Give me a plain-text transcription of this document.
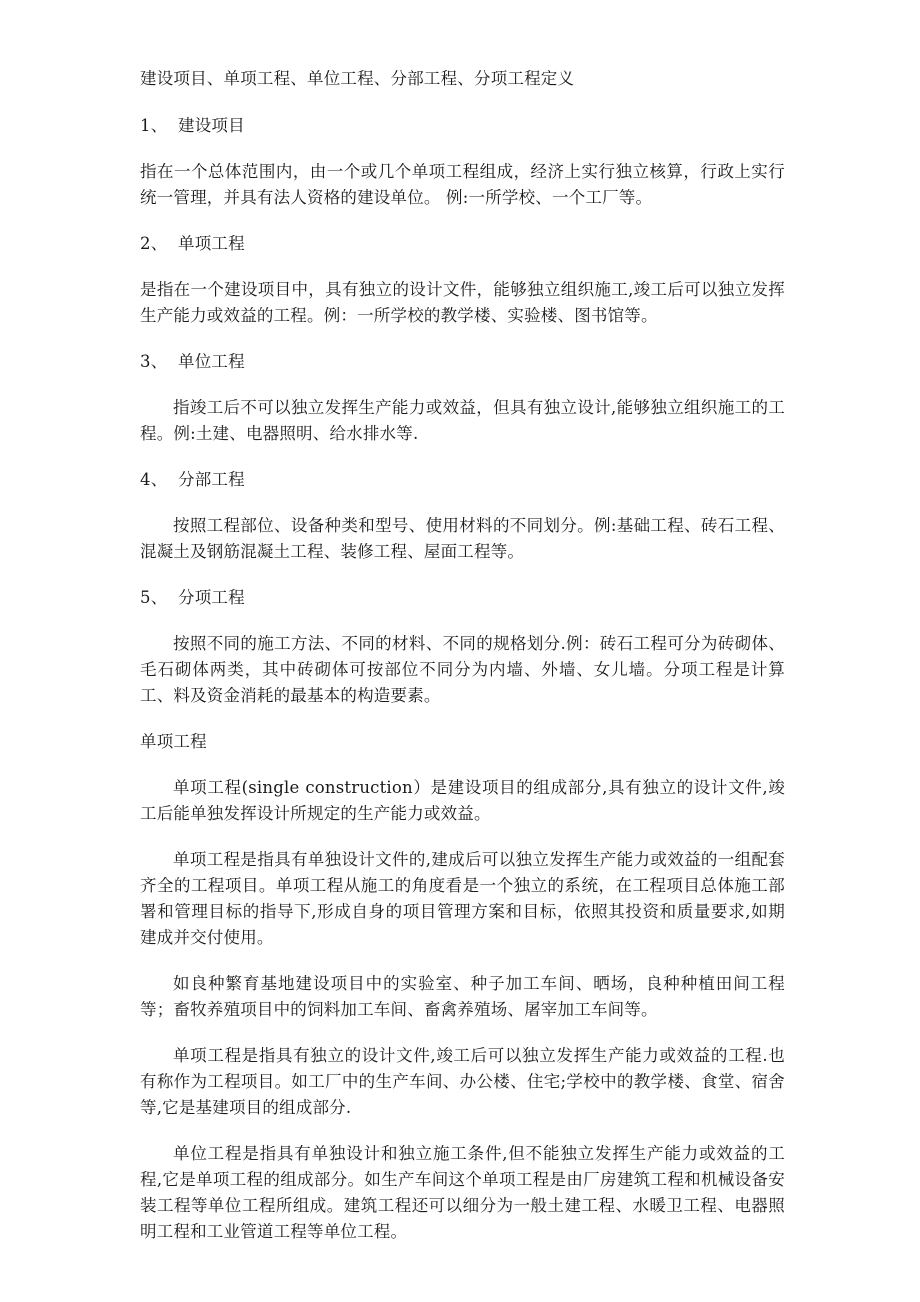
建设项目、单项工程、单位工程、分部工程、分项工程定义

1、 建设项目

指在一个总体范围内，由一个或几个单项工程组成，经济上实行独立核算，行政上实行统一管理，并具有法人资格的建设单位。 例:一所学校、一个工厂等。

2、 单项工程

是指在一个建设项目中，具有独立的设计文件，能够独立组织施工,竣工后可以独立发挥生产能力或效益的工程。例：一所学校的教学楼、实验楼、图书馆等。

3、 单位工程

指竣工后不可以独立发挥生产能力或效益，但具有独立设计,能够独立组织施工的工程。例:土建、电器照明、给水排水等.

4、 分部工程

按照工程部位、设备种类和型号、使用材料的不同划分。例:基础工程、砖石工程、混凝土及钢筋混凝土工程、装修工程、屋面工程等。

5、 分项工程

按照不同的施工方法、不同的材料、不同的规格划分.例：砖石工程可分为砖砌体、毛石砌体两类，其中砖砌体可按部位不同分为内墙、外墙、女儿墙。分项工程是计算工、料及资金消耗的最基本的构造要素。

单项工程

单项工程(single construction）是建设项目的组成部分,具有独立的设计文件,竣工后能单独发挥设计所规定的生产能力或效益。

单项工程是指具有单独设计文件的,建成后可以独立发挥生产能力或效益的一组配套齐全的工程项目。单项工程从施工的角度看是一个独立的系统，在工程项目总体施工部署和管理目标的指导下,形成自身的项目管理方案和目标，依照其投资和质量要求,如期建成并交付使用。

如良种繁育基地建设项目中的实验室、种子加工车间、晒场，良种种植田间工程等；畜牧养殖项目中的饲料加工车间、畜禽养殖场、屠宰加工车间等。

单项工程是指具有独立的设计文件,竣工后可以独立发挥生产能力或效益的工程.也有称作为工程项目。如工厂中的生产车间、办公楼、住宅;学校中的教学楼、食堂、宿舍等,它是基建项目的组成部分.

单位工程是指具有单独设计和独立施工条件,但不能独立发挥生产能力或效益的工程,它是单项工程的组成部分。如生产车间这个单项工程是由厂房建筑工程和机械设备安装工程等单位工程所组成。建筑工程还可以细分为一般土建工程、水暖卫工程、电器照明工程和工业管道工程等单位工程。
